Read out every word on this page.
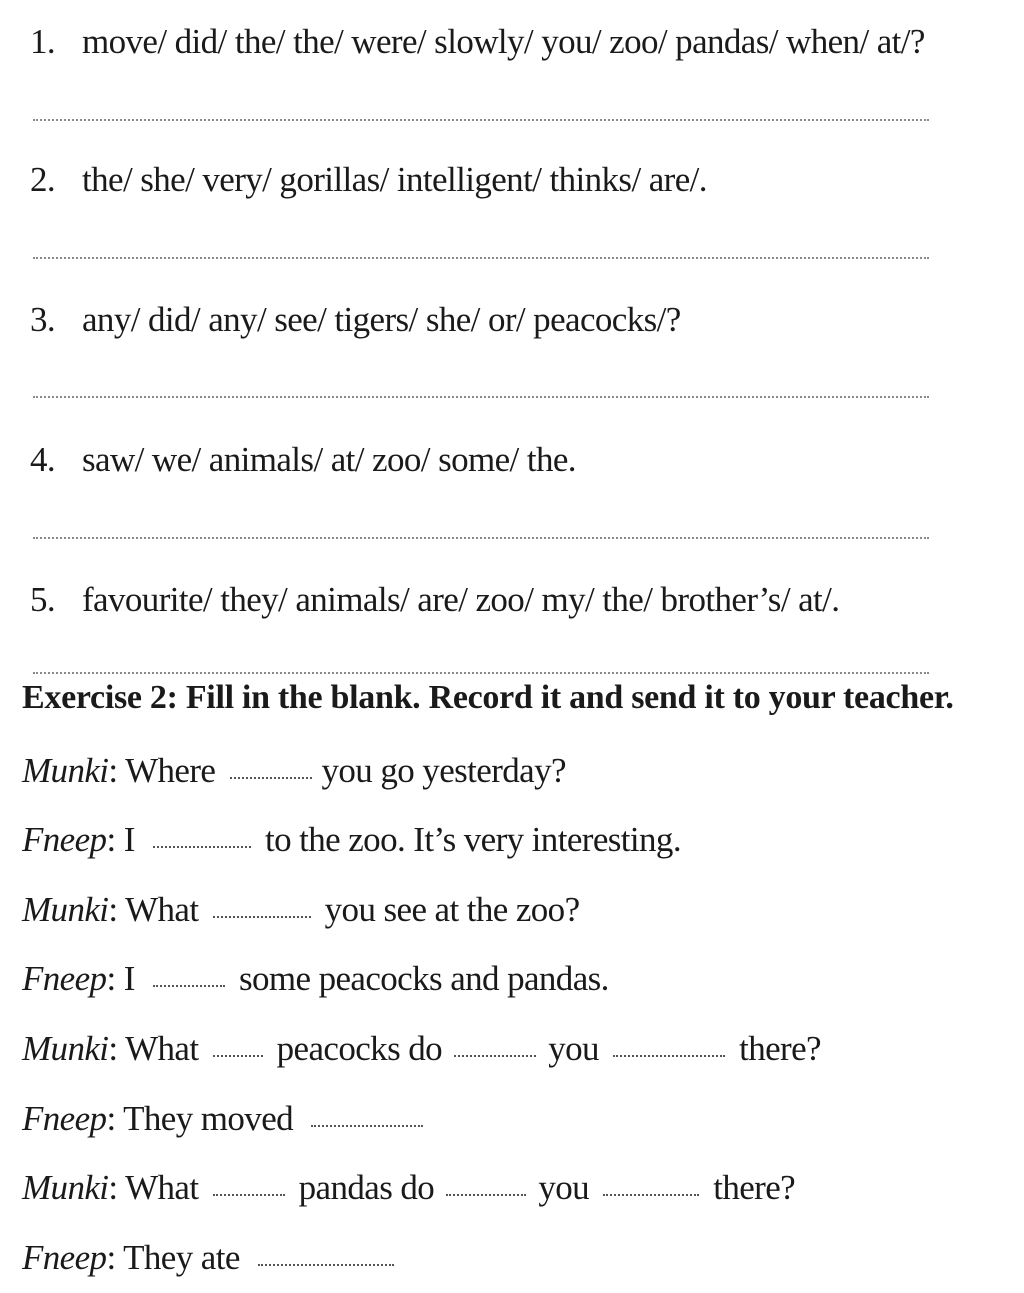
1. move/ did/ the/ the/ were/ slowly/ you/ zoo/ pandas/ when/ at/?
2. the/ she/ very/ gorillas/ intelligent/ thinks/ are/.
3. any/ did/ any/ see/ tigers/ she/ or/ peacocks/?
4. saw/ we/ animals/ at/ zoo/ some/ the.
5. favourite/ they/ animals/ are/ zoo/ my/ the/ brother’s/ at/.
Exercise 2: Fill in the blank. Record it and send it to your teacher.
Munki: Where	you go yesterday?
Fneep: I	to the zoo. It’s very interesting.
Munki: What	you see at the zoo?
Fneep: I	some peacocks and pandas.
Munki: What peacocks do	you	there?
Fneep: They moved
Munki: What	pandas do	you	there?
Fneep: They ate
